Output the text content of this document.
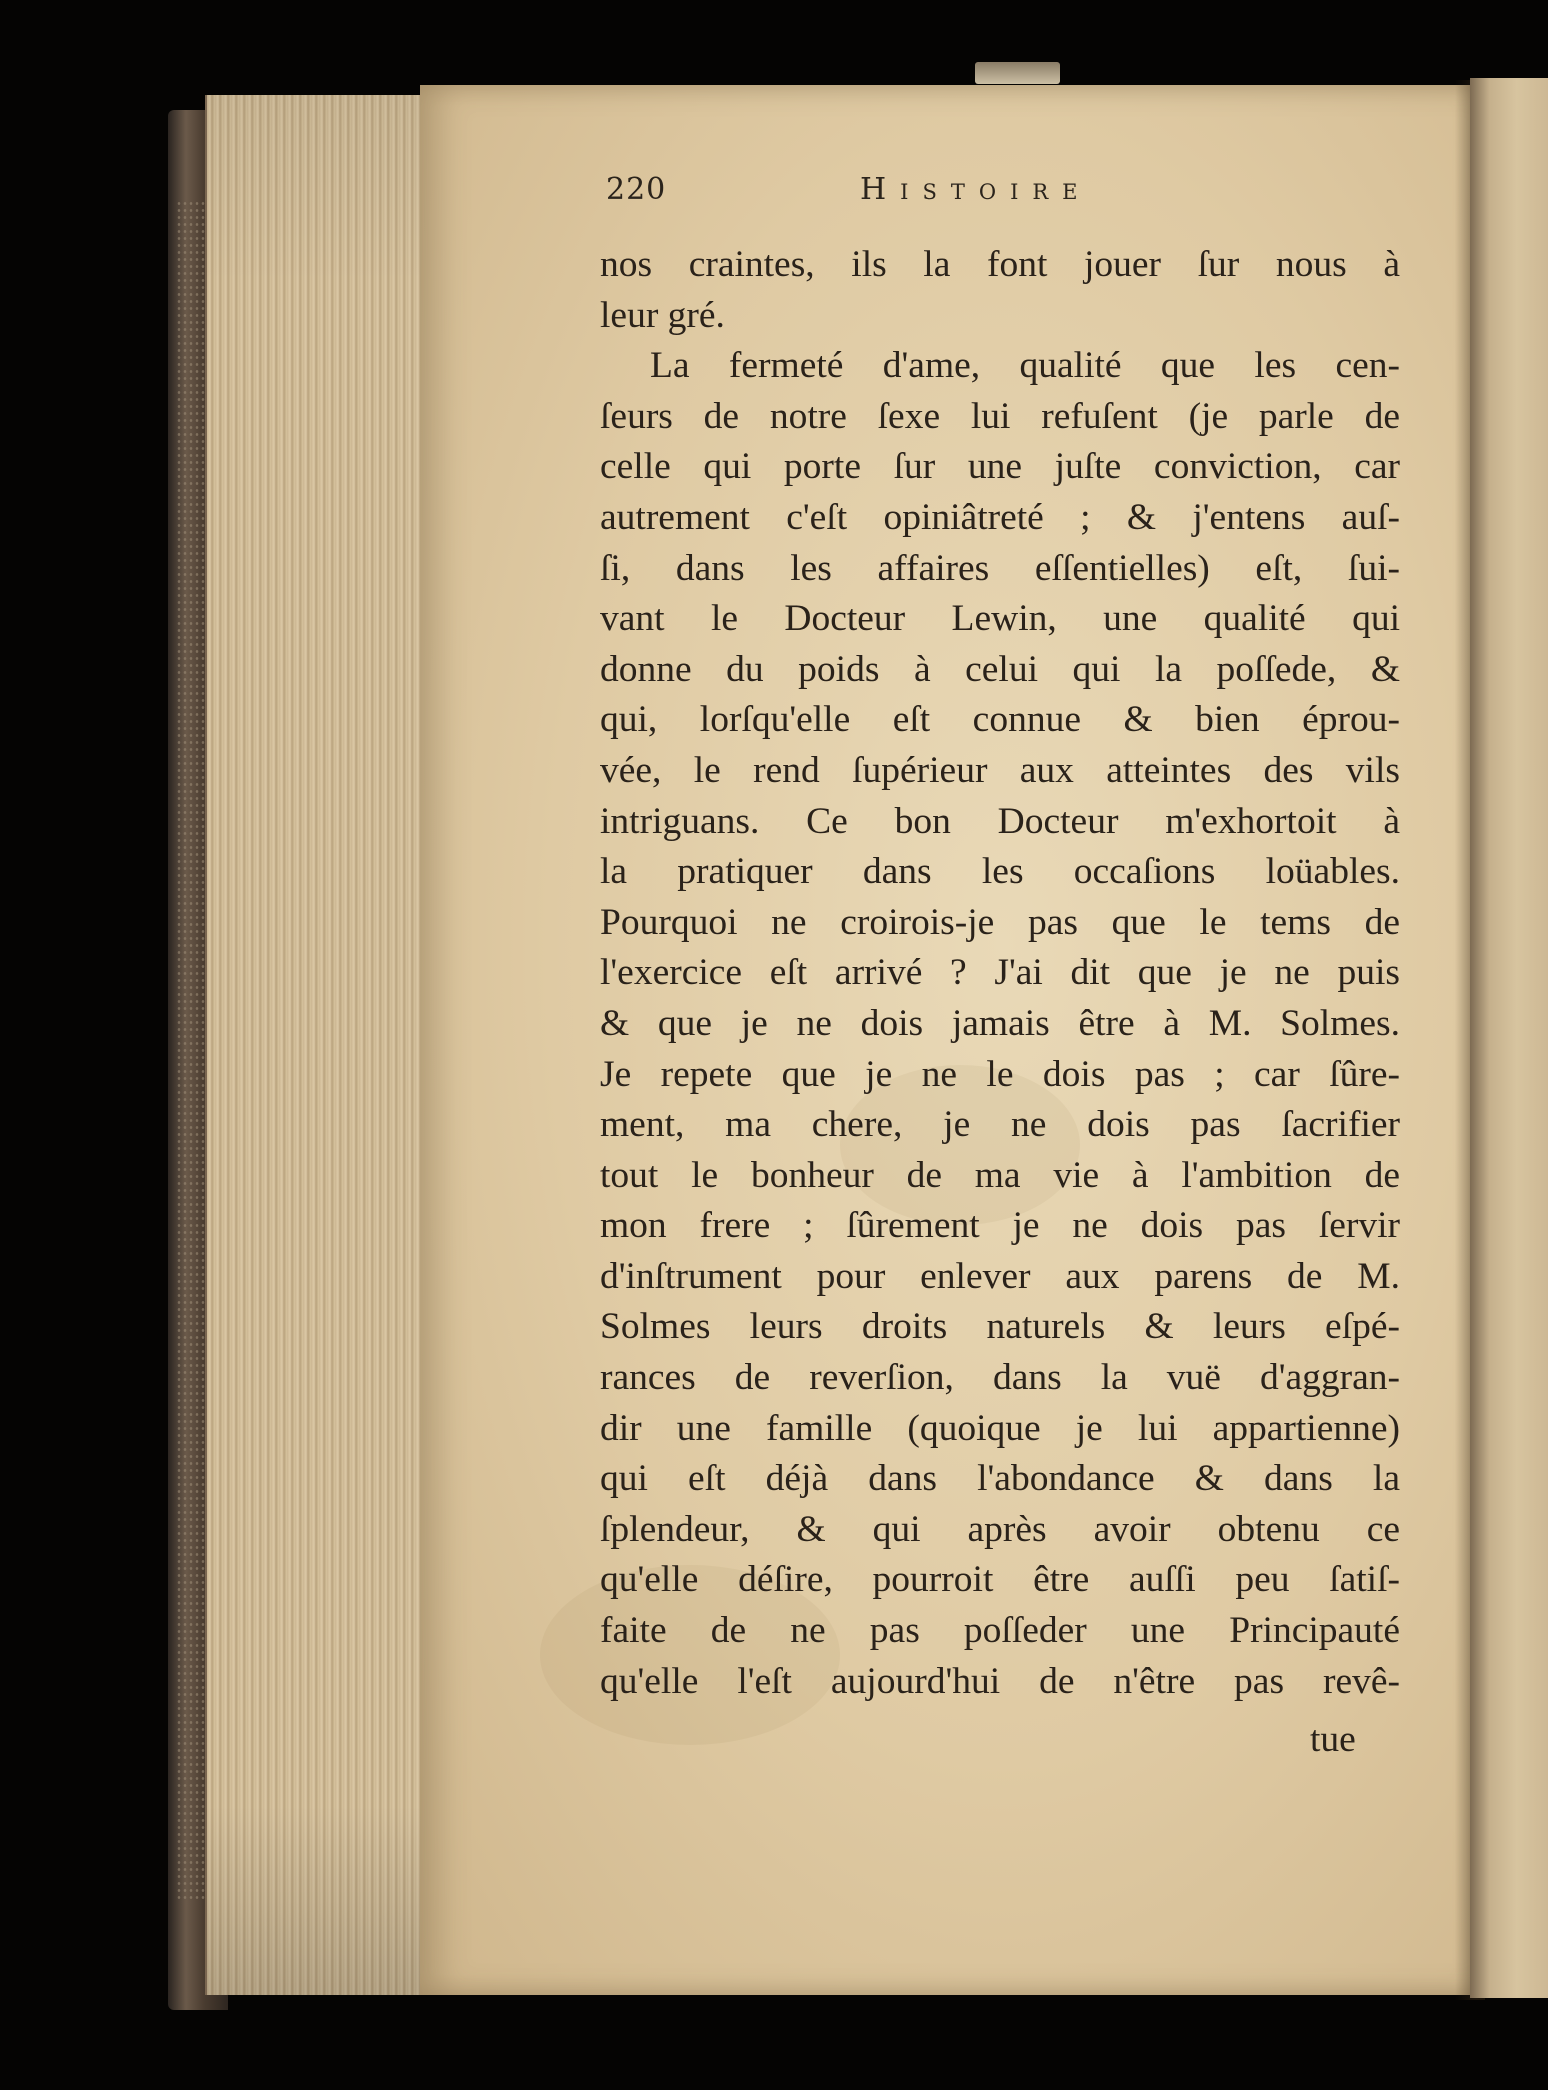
220	Histoire
nos craintes, ils la font jouer ſur nous à
leur gré.
La fermeté d'ame, qualité que les cen-
ſeurs de notre ſexe lui refuſent (je parle de
celle qui porte ſur une juſte conviction, car
autrement c'eſt opiniâtreté ; & j'entens auſ-
ſi, dans les affaires eſſentielles) eſt, ſui-
vant le Docteur Lewin, une qualité qui
donne du poids à celui qui la poſſede, &
qui, lorſqu'elle eſt connue & bien éprou-
vée, le rend ſupérieur aux atteintes des vils
intriguans. Ce bon Docteur m'exhortoit à
la pratiquer dans les occaſions loüables.
Pourquoi ne croirois-je pas que le tems de
l'exercice eſt arrivé ? J'ai dit que je ne puis
& que je ne dois jamais être à M. Solmes.
Je repete que je ne le dois pas ; car ſûre-
ment, ma chere, je ne dois pas ſacrifier
tout le bonheur de ma vie à l'ambition de
mon frere ; ſûrement je ne dois pas ſervir
d'inſtrument pour enlever aux parens de M.
Solmes leurs droits naturels & leurs eſpé-
rances de reverſion, dans la vuë d'aggran-
dir une famille (quoique je lui appartienne)
qui eſt déjà dans l'abondance & dans la
ſplendeur, & qui après avoir obtenu ce
qu'elle déſire, pourroit être auſſi peu ſatiſ-
faite de ne pas poſſeder une Principauté
qu'elle l'eſt aujourd'hui de n'être pas revê-
tue
